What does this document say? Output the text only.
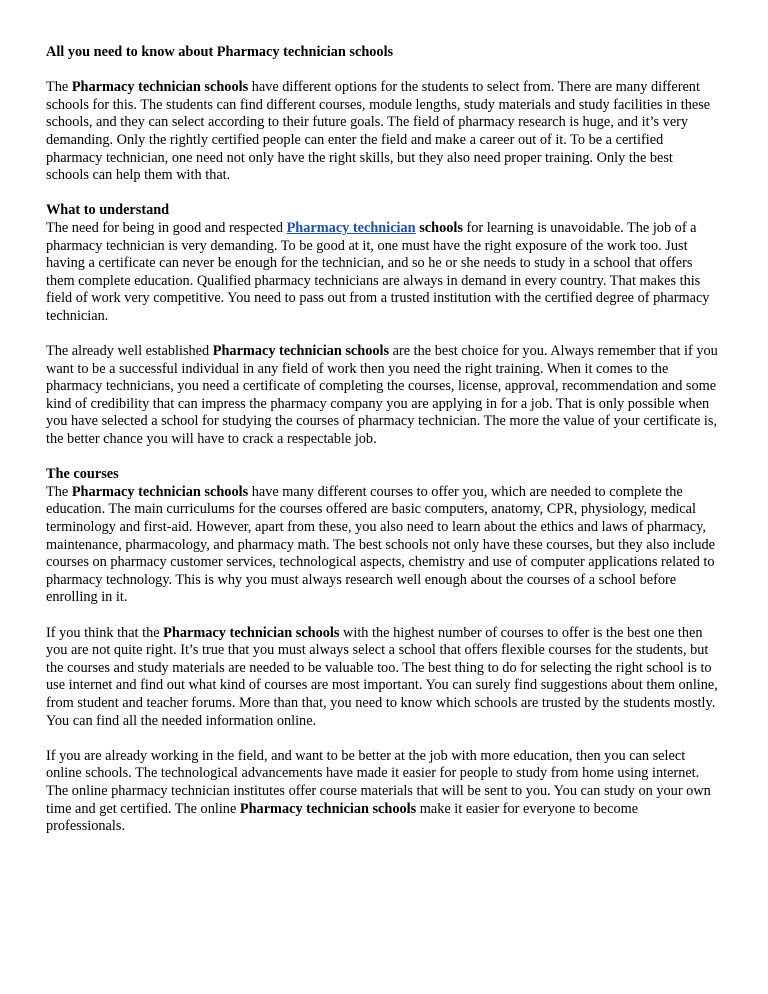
All you need to know about Pharmacy technician schools

The Pharmacy technician schools have different options for the students to select from. There are many different schools for this. The students can find different courses, module lengths, study materials and study facilities in these schools, and they can select according to their future goals. The field of pharmacy research is huge, and it’s very demanding. Only the rightly certified people can enter the field and make a career out of it. To be a certified pharmacy technician, one need not only have the right skills, but they also need proper training. Only the best schools can help them with that.

What to understand
The need for being in good and respected Pharmacy technician schools for learning is unavoidable. The job of a pharmacy technician is very demanding. To be good at it, one must have the right exposure of the work too. Just having a certificate can never be enough for the technician, and so he or she needs to study in a school that offers them complete education. Qualified pharmacy technicians are always in demand in every country. That makes this field of work very competitive. You need to pass out from a trusted institution with the certified degree of pharmacy technician.

The already well established Pharmacy technician schools are the best choice for you. Always remember that if you want to be a successful individual in any field of work then you need the right training. When it comes to the pharmacy technicians, you need a certificate of completing the courses, license, approval, recommendation and some kind of credibility that can impress the pharmacy company you are applying in for a job. That is only possible when you have selected a school for studying the courses of pharmacy technician. The more the value of your certificate is, the better chance you will have to crack a respectable job.

The courses
The Pharmacy technician schools have many different courses to offer you, which are needed to complete the education. The main curriculums for the courses offered are basic computers, anatomy, CPR, physiology, medical terminology and first-aid. However, apart from these, you also need to learn about the ethics and laws of pharmacy, maintenance, pharmacology, and pharmacy math. The best schools not only have these courses, but they also include courses on pharmacy customer services, technological aspects, chemistry and use of computer applications related to pharmacy technology. This is why you must always research well enough about the courses of a school before enrolling in it.

If you think that the Pharmacy technician schools with the highest number of courses to offer is the best one then you are not quite right. It’s true that you must always select a school that offers flexible courses for the students, but the courses and study materials are needed to be valuable too. The best thing to do for selecting the right school is to use internet and find out what kind of courses are most important. You can surely find suggestions about them online, from student and teacher forums. More than that, you need to know which schools are trusted by the students mostly. You can find all the needed information online.

If you are already working in the field, and want to be better at the job with more education, then you can select online schools. The technological advancements have made it easier for people to study from home using internet. The online pharmacy technician institutes offer course materials that will be sent to you. You can study on your own time and get certified. The online Pharmacy technician schools make it easier for everyone to become professionals.
